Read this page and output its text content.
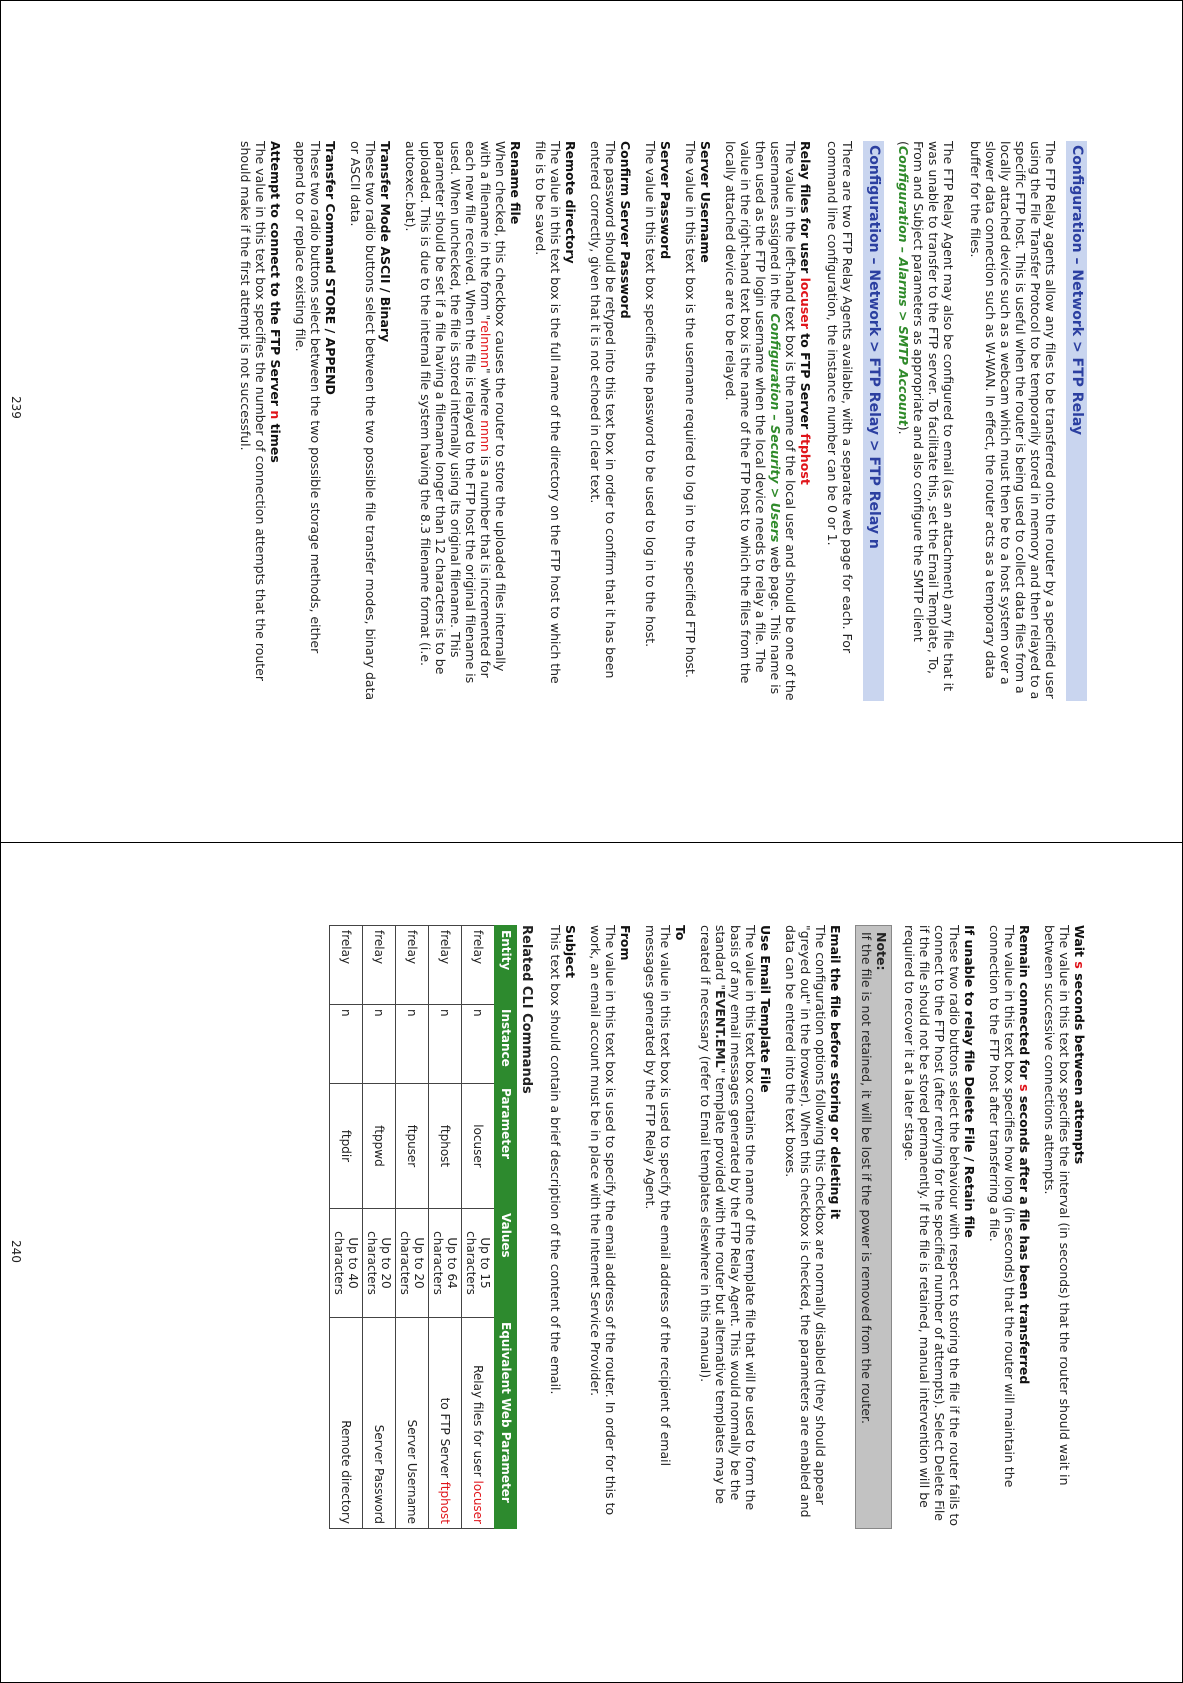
Configuration – Network > FTP Relay

The FTP Relay agents allow any files to be transferred onto the router by a specified user using the File Transfer Protocol to be temporarily stored in memory and then relayed to a specific FTP host. This is useful when the router is being used to collect data files from a locally attached device such as a webcam which must then be to a host system over a slower data connection such as W-WAN. In effect, the router acts as a temporary data buffer for the files.

The FTP Relay Agent may also be configured to email (as an attachment) any file that it was unable to transfer to the FTP server. To facilitate this, set the Email Template, To, From and Subject parameters as appropriate and also configure the SMTP client (Configuration – Alarms > SMTP Account).

Configuration – Network > FTP Relay > FTP Relay n

There are two FTP Relay Agents available, with a separate web page for each. For command line configuration, the instance number can be 0 or 1.

Relay files for user locuser to FTP Server ftphost
The value in the left-hand text box is the name of the local user and should be one of the usernames assigned in the Configuration – Security > Users web page. This name is then used as the FTP login username when the local device needs to relay a file. The value in the right-hand text box is the name of the FTP host to which the files from the locally attached device are to be relayed.
Server Username
The value in this text box is the username required to log in to the specified FTP host.
Server Password
The value in this text box specifies the password to be used to log in to the host.
Confirm Server Password
The password should be retyped into this text box in order to confirm that it has been entered correctly, given that it is not echoed in clear text.
Remote directory
The value in this text box is the full name of the directory on the FTP host to which the file is to be saved.
Rename file
When checked, this checkbox causes the router to store the uploaded files internally with a filename in the form "relnnnn" where nnnn is a number that is incremented for each new file received. When the file is relayed to the FTP host the original filename is used. When unchecked, the file is stored internally using its original filename. This parameter should be set if a file having a filename longer than 12 characters is to be uploaded. This is due to the internal file system having the 8.3 filename format (i.e. autoexec.bat).
Transfer Mode ASCII / Binary
These two radio buttons select between the two possible file transfer modes, binary data or ASCII data.
Transfer Command STORE / APPEND
These two radio buttons select between the two possible storage methods, either append to or replace existing file.
Attempt to connect to the FTP Server n times
The value in this text box specifies the number of connection attempts that the router should make if the first attempt is not successful.
239
Wait s seconds between attempts
The value in this text box specifies the interval (in seconds) that the router should wait in between successive connections attempts.
Remain connected for s seconds after a file has been transferred
The value in this text box specifies how long (in seconds) that the router will maintain the connection to the FTP host after transferring a file.
If unable to relay file Delete File / Retain file
These two radio buttons select the behaviour with respect to storing the file if the router fails to connect to the FTP host (after retrying for the specified number of attempts). Select Delete File if the file should not be stored permanently. If the file is retained, manual intervention will be required to recover it at a later stage.
Note:
If the file is not retained, it will be lost if the power is removed from the router.
Email the file before storing or deleting it
The configuration options following this checkbox are normally disabled (they should appear "greyed out" in the browser). When this checkbox is checked, the parameters are enabled and data can be entered into the text boxes.
Use Email Template File
The value in this text box contains the name of the template file that will be used to form the basis of any email messages generated by the FTP Relay Agent. This would normally be the standard "EVENT.EML" template provided with the router but alternative templates may be created if necessary (refer to Email templates elsewhere in this manual).
To
The value in this text box is used to specify the email address of the recipient of email messages generated by the FTP Relay Agent.
From
The value in this text box is used to specify the email address of the router. In order for this to work, an email account must be in place with the Internet Service Provider.
Subject
This text box should contain a brief description of the content of the email.
Related CLI Commands
Entity	Instance	Parameter	Values	Equivalent Web Parameter
frelay	n	locuser	Up to 15 characters	Relay files for user locuser
frelay	n	ftphost	Up to 64 characters	to FTP Server ftphost
frelay	n	ftpuser	Up to 20 characters	Server Username
frelay	n	ftppwd	Up to 20 characters	Server Password
frelay	n	ftpdir	Up to 40 characters	Remote directory
240
